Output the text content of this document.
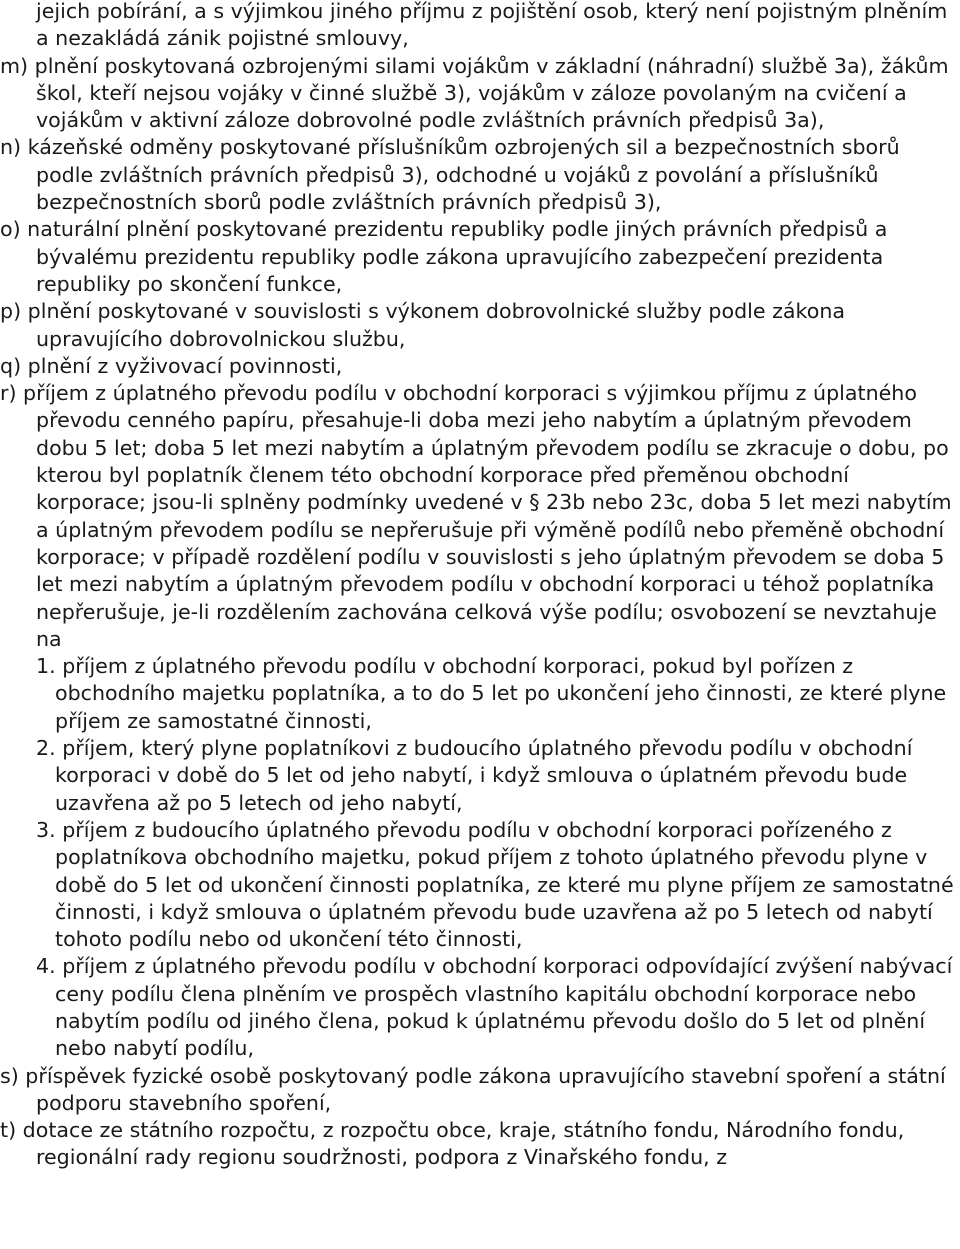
jejich pobírání, a s výjimkou jiného příjmu z pojištění osob, který není pojistným plněním a nezakládá zánik pojistné smlouvy,
m) plnění poskytovaná ozbrojenými silami vojákům v základní (náhradní) službě 3a), žákům škol, kteří nejsou vojáky v činné službě 3), vojákům v záloze povolaným na cvičení a vojákům v aktivní záloze dobrovolné podle zvláštních právních předpisů 3a),
n) kázeňské odměny poskytované příslušníkům ozbrojených sil a bezpečnostních sborů podle zvláštních právních předpisů 3), odchodné u vojáků z povolání a příslušníků bezpečnostních sborů podle zvláštních právních předpisů 3),
o) naturální plnění poskytované prezidentu republiky podle jiných právních předpisů a bývalému prezidentu republiky podle zákona upravujícího zabezpečení prezidenta republiky po skončení funkce,
p) plnění poskytované v souvislosti s výkonem dobrovolnické služby podle zákona upravujícího dobrovolnickou službu,
q) plnění z vyživovací povinnosti,
r) příjem z úplatného převodu podílu v obchodní korporaci s výjimkou příjmu z úplatného převodu cenného papíru, přesahuje-li doba mezi jeho nabytím a úplatným převodem dobu 5 let; doba 5 let mezi nabytím a úplatným převodem podílu se zkracuje o dobu, po kterou byl poplatník členem této obchodní korporace před přeměnou obchodní korporace; jsou-li splněny podmínky uvedené v § 23b nebo 23c, doba 5 let mezi nabytím a úplatným převodem podílu se nepřerušuje při výměně podílů nebo přeměně obchodní korporace; v případě rozdělení podílu v souvislosti s jeho úplatným převodem se doba 5 let mezi nabytím a úplatným převodem podílu v obchodní korporaci u téhož poplatníka nepřerušuje, je-li rozdělením zachována celková výše podílu; osvobození se nevztahuje na
1. příjem z úplatného převodu podílu v obchodní korporaci, pokud byl pořízen z obchodního majetku poplatníka, a to do 5 let po ukončení jeho činnosti, ze které plyne příjem ze samostatné činnosti,
2. příjem, který plyne poplatníkovi z budoucího úplatného převodu podílu v obchodní korporaci v době do 5 let od jeho nabytí, i když smlouva o úplatném převodu bude uzavřena až po 5 letech od jeho nabytí,
3. příjem z budoucího úplatného převodu podílu v obchodní korporaci pořízeného z poplatníkova obchodního majetku, pokud příjem z tohoto úplatného převodu plyne v době do 5 let od ukončení činnosti poplatníka, ze které mu plyne příjem ze samostatné činnosti, i když smlouva o úplatném převodu bude uzavřena až po 5 letech od nabytí tohoto podílu nebo od ukončení této činnosti,
4. příjem z úplatného převodu podílu v obchodní korporaci odpovídající zvýšení nabývací ceny podílu člena plněním ve prospěch vlastního kapitálu obchodní korporace nebo nabytím podílu od jiného člena, pokud k úplatnému převodu došlo do 5 let od plnění nebo nabytí podílu,
s) příspěvek fyzické osobě poskytovaný podle zákona upravujícího stavební spoření a státní podporu stavebního spoření,
t) dotace ze státního rozpočtu, z rozpočtu obce, kraje, státního fondu, Národního fondu, regionální rady regionu soudržnosti, podpora z Vinařského fondu, z
